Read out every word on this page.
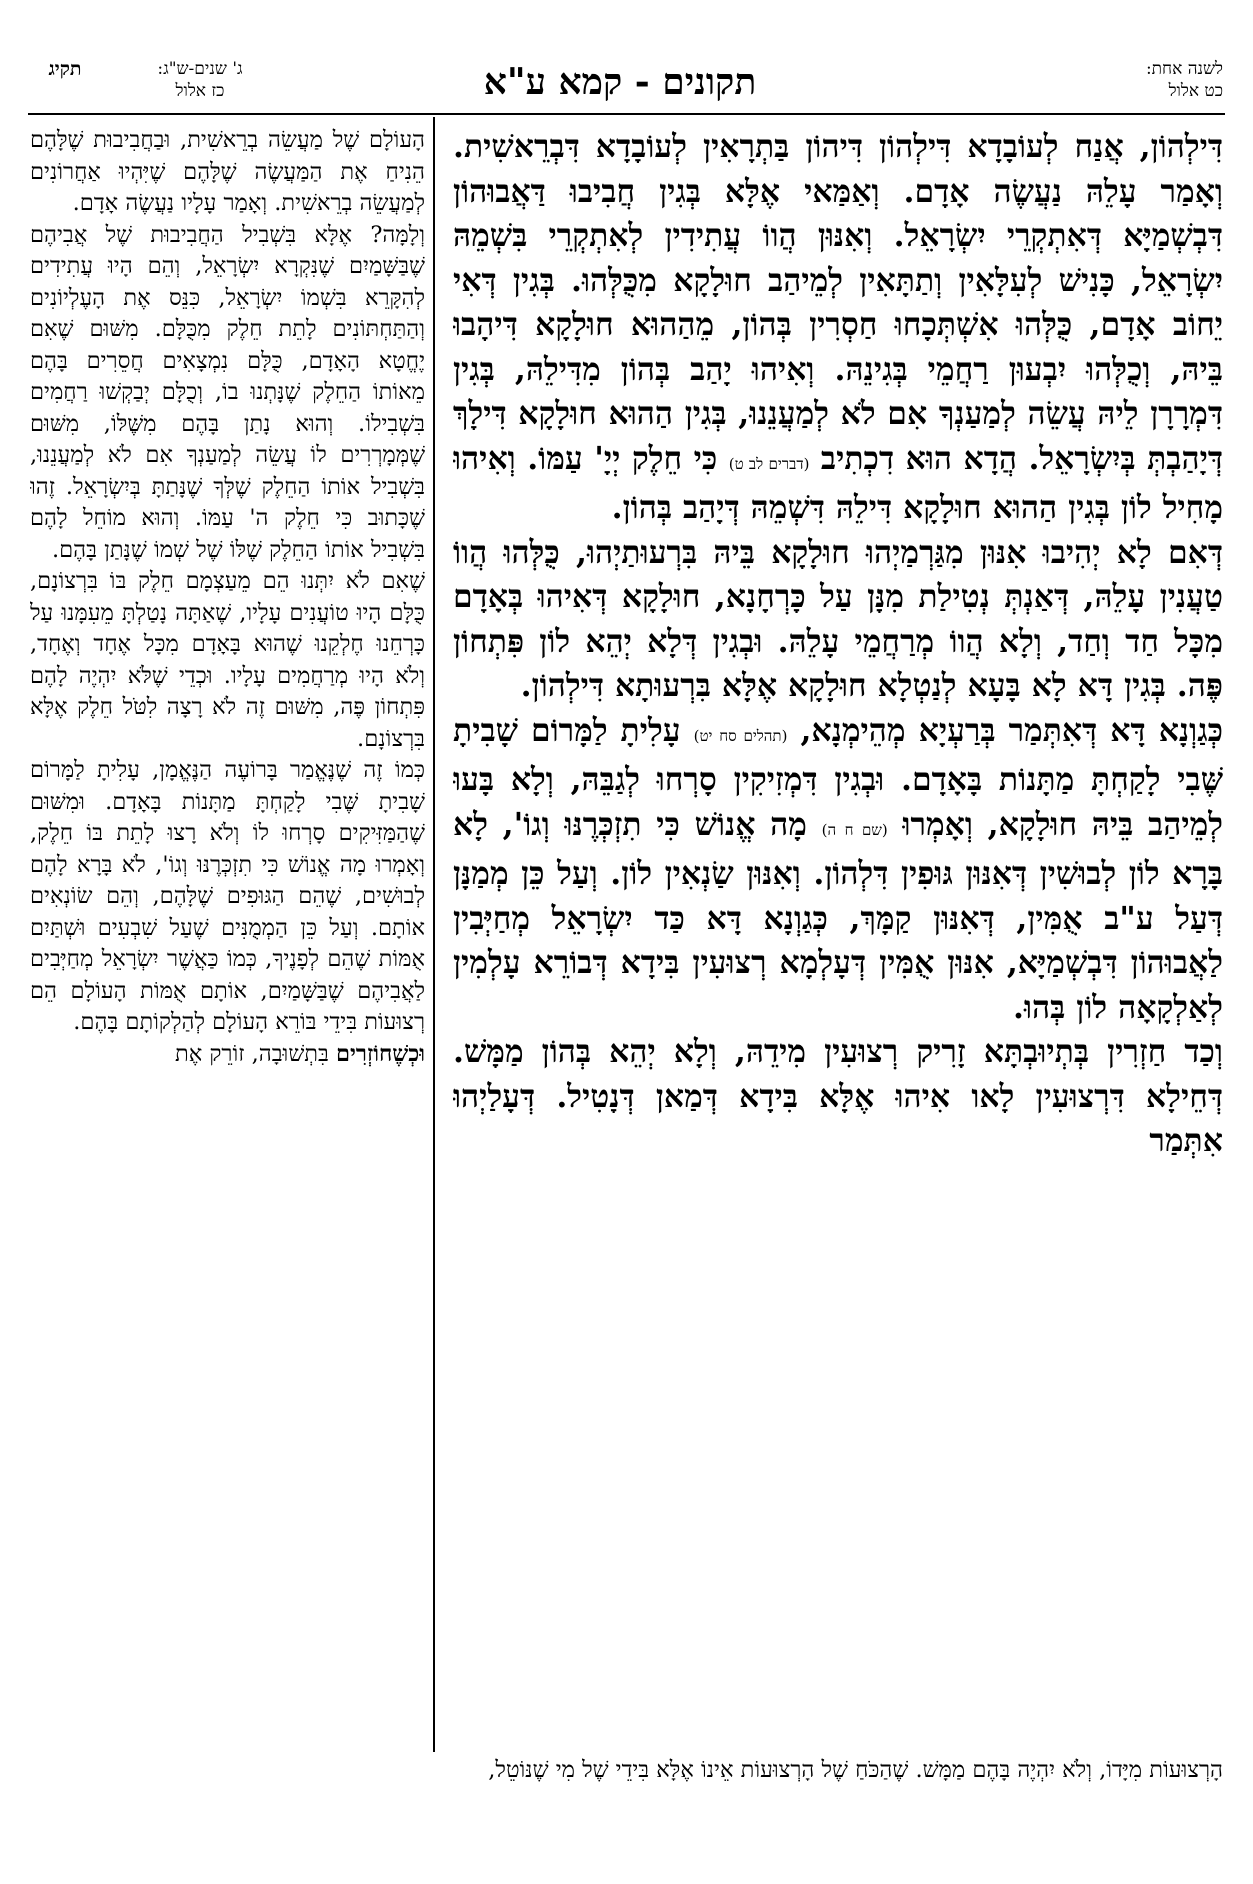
לשנה אחת:
כט אלול
תקונים - קמא ע"א
ג' שנים-ש"ג:
כז אלול
תקיג

דִּילְהוֹן, אֲנַח לְעוֹבָדָא דִּילְהוֹן דִּיהוֹן בַּתְרָאִין לְעוֹבָדָא דִּבְרֵאשִׁית. וְאָמַר עָלֵהּ נַעֲשֶׂה אָדָם. וְאַמַּאי אֶלָּא בְּגִין חֲבִיבוּ דַּאֲבוּהוֹן דִּבְשְׁמַיָּא דְּאִתְקְרֵי יִשְׂרָאֵל. וְאִנּוּן הֲווֹ עֲתִידִין לְאִתְקְרֵי בִּשְׁמֵהּ יִשְׂרָאֵל, כָּנִישׁ לְעִלָּאִין וְתַתָּאִין לְמֵיהַב חוּלָקָא מִכֻּלְּהוּ. בְּגִין דְּאִי יֵחוֹב אָדָם, כֻּלְּהוּ אִשְׁתְּכָחוּ חַסְרִין בְּהוֹן, מֵהַהוּא חוּלָקָא דִּיהָבוּ בֵּיהּ, וְכֻלְּהוּ יִבְעוּן רַחֲמֵי בְּגִינֵהּ. וְאִיהוּ יָהַב בְּהוֹן מִדִּילֵהּ, בְּגִין דִּמְרָרָן לֵיהּ עֲשֵׂה לְמַעַנְךָ אִם לֹא לְמַעֲנֵנוּ, בְּגִין הַהוּא חוּלָקָא דִּילָךְ דְּיָהַבְתְּ בְּיִשְׂרָאֵל. הֲדָא הוּא דִכְתִיב (דברים לב ט) כִּי חֵלֶק יְיָ' עַמּוֹ. וְאִיהוּ מָחִיל לוֹן בְּגִין הַהוּא חוּלָקָא דִּילֵהּ דִּשְׁמֵהּ דְּיָהַב בְּהוֹן.

דְּאִם לָא יְהִיבוּ אִנּוּן מִגַּרְמַיְהוּ חוּלָקָא בֵּיהּ בִּרְעוּתַיְהוּ, כֻּלְּהוּ הֲווֹ טַעֲנִין עָלֵהּ, דְּאַנְתְּ נְטִילַת מִנָּן עַל כָּרְחָנָא, חוּלָקָא דְּאִיהוּ בְּאָדָם מִכָּל חַד וְחַד, וְלָא הֲווֹ מְרַחֲמֵי עָלֵהּ. וּבְגִין דְּלָא יְהֵא לוֹן פִּתְחוֹן פֶּה. בְּגִין דָּא לָא בָּעָא לְנַטְלָא חוּלָקָא אֶלָּא בִּרְעוּתָא דִּילְהוֹן.

כְּגַוְנָא דָּא דְּאִתְּמַר בְּרַעְיָא מְהֵימְנָא, (תהלים סח יט) עָלִיתָ לַמָּרוֹם שָׁבִיתָ שֶּׁבִי לָקַחְתָּ מַתָּנוֹת בָּאָדָם. וּבְגִין דִּמְזִיקִין סָרְחוּ לְגַבֵּהּ, וְלָא בָּעוּ לְמֵיהַב בֵּיהּ חוּלָקָא, וְאָמְרוּ (שם ח ה) מָה אֱנוֹשׁ כִּי תִזְכְּרֶנּוּ וְגוֹ', לָא בָּרָא לוֹן לְבוּשִׁין דְּאִנּוּן גּוּפִין דִּלְהוֹן. וְאִנּוּן שַׂנְאִין לוֹן. וְעַל כֵּן מְמַנָּן דְּעַל ע"ב אֻמִּין, דְּאִנּוּן קַמָּךְ, כְּגַוְנָא דָּא כַּד יִשְׂרָאֵל מְחַיְּבִין לַאֲבוּהוֹן דִּבְשְׁמַיָּא, אִנּוּן אֻמִּין דְּעָלְמָא רְצוּעִין בִּידָא דְּבוֹרֵא עָלְמִין לְאַלְקָאָה לוֹן בְּהוּ.

וְכַד חַזְרִין בְּתְיוּבְתָּא זָרִיק רְצוּעִין מִידֵהּ, וְלָא יְהֵא בְּהוֹן מַמָּשׁ. דְּחֵילָא דִּרְצוּעִין לָאו אִיהוּ אֶלָּא בִּידָא דְּמַאן דְּנָטִיל. דְּעָלַיְהוּ אִתְּמַר

הָעוֹלָם שֶׁל מַעֲשֵׂה בְרֵאשִׁית, וּבַחֲבִיבוּת שֶׁלָּהֶם הֵנִיחַ אֶת הַמַּעֲשֶׂה שֶׁלָּהֶם שֶׁיִּהְיוּ אַחֲרוֹנִים לְמַעֲשֵׂה בְרֵאשִׁית. וְאָמַר עָלָיו נַעֲשֶׂה אָדָם.

וְלָמָּה? אֶלָּא בִּשְׁבִיל הַחֲבִיבוּת שֶׁל אֲבִיהֶם שֶׁבַּשָּׁמַיִם שֶׁנִּקְרָא יִשְׂרָאֵל, וְהֵם הָיוּ עֲתִידִים לְהִקָּרֵא בִּשְׁמוֹ יִשְׂרָאֵל, כִּנֵּס אֶת הָעֶלְיוֹנִים וְהַתַּחְתּוֹנִים לָתֵת חֵלֶק מִכֻּלָּם. מִשּׁוּם שֶׁאִם יֶחֱטָא הָאָדָם, כֻּלָּם נִמְצָאִים חֲסֵרִים בָּהֶם מֵאוֹתוֹ הַחֵלֶק שֶׁנָּתְנוּ בוֹ, וְכֻלָּם יְבַקְשׁוּ רַחֲמִים בִּשְׁבִילוֹ. וְהוּא נָתַן בָּהֶם מִשֶּׁלּוֹ, מִשּׁוּם שֶׁמְּמָרְרִים לוֹ עֲשֵׂה לְמַעַנְךָ אִם לֹא לְמַעֲנֵנוּ, בִּשְׁבִיל אוֹתוֹ הַחֵלֶק שֶׁלְּךָ שֶׁנָּתַתָּ בְּיִשְׂרָאֵל. זֶהוּ שֶׁכָּתוּב כִּי חֵלֶק ה' עַמּוֹ. וְהוּא מוֹחֵל לָהֶם בִּשְׁבִיל אוֹתוֹ הַחֵלֶק שֶׁלּוֹ שֶׁל שְׁמוֹ שֶׁנָּתַן בָּהֶם.

שֶׁאִם לֹא יִתְּנוּ הֵם מֵעַצְמָם חֵלֶק בּוֹ בִּרְצוֹנָם, כֻּלָּם הָיוּ טוֹעֲנִים עָלָיו, שֶׁאַתָּה נָטַלְתָּ מֵעִמָּנוּ עַל כָּרְחֵנוּ חֶלְקֵנוּ שֶׁהוּא בָּאָדָם מִכָּל אֶחָד וְאֶחָד, וְלֹא הָיוּ מְרַחֲמִים עָלָיו. וּכְדֵי שֶׁלֹּא יִהְיֶה לָהֶם פִּתְחוֹן פֶּה, מִשּׁוּם זֶה לֹא רָצָה לִטֹּל חֵלֶק אֶלָּא בִּרְצוֹנָם.

כְּמוֹ זֶה שֶׁנֶּאֱמַר בָּרוֹעֶה הַנֶּאֱמָן, עָלִיתָ לַמָּרוֹם שָׁבִיתָ שֶּׁבִי לָקַחְתָּ מַתָּנוֹת בָּאָדָם. וּמִשּׁוּם שֶׁהַמַּזִּיקִים סָרְחוּ לוֹ וְלֹא רָצוּ לָתֵת בּוֹ חֵלֶק, וְאָמְרוּ מָה אֱנוֹשׁ כִּי תִזְכְּרֶנּוּ וְגוֹ', לֹא בָּרָא לָהֶם לְבוּשִׁים, שֶׁהֵם הַגּוּפִים שֶׁלָּהֶם, וְהֵם שׂוֹנְאִים אוֹתָם. וְעַל כֵּן הַמְמֻנִּים שֶׁעַל שִׁבְעִים וּשְׁתַּיִם אֻמּוֹת שֶׁהֵם לְפָנֶיךָ, כְּמוֹ כַּאֲשֶׁר יִשְׂרָאֵל מְחַיְּבִים לַאֲבִיהֶם שֶׁבַּשָּׁמַיִם, אוֹתָם אֻמּוֹת הָעוֹלָם הֵם רְצוּעוֹת בִּידֵי בּוֹרֵא הָעוֹלָם לְהַלְקוֹתָם בָּהֶם.

וּכְשֶׁחוֹזְרִים בִּתְשׁוּבָה, זוֹרֵק אֶת

הָרְצוּעוֹת מִיָּדוֹ, וְלֹא יִהְיֶה בָּהֶם מַמָּשׁ. שֶׁהַכֹּחַ שֶׁל הָרְצוּעוֹת אֵינוֹ אֶלָּא בִּידֵי שֶׁל מִי שֶׁנּוֹטֵל,
